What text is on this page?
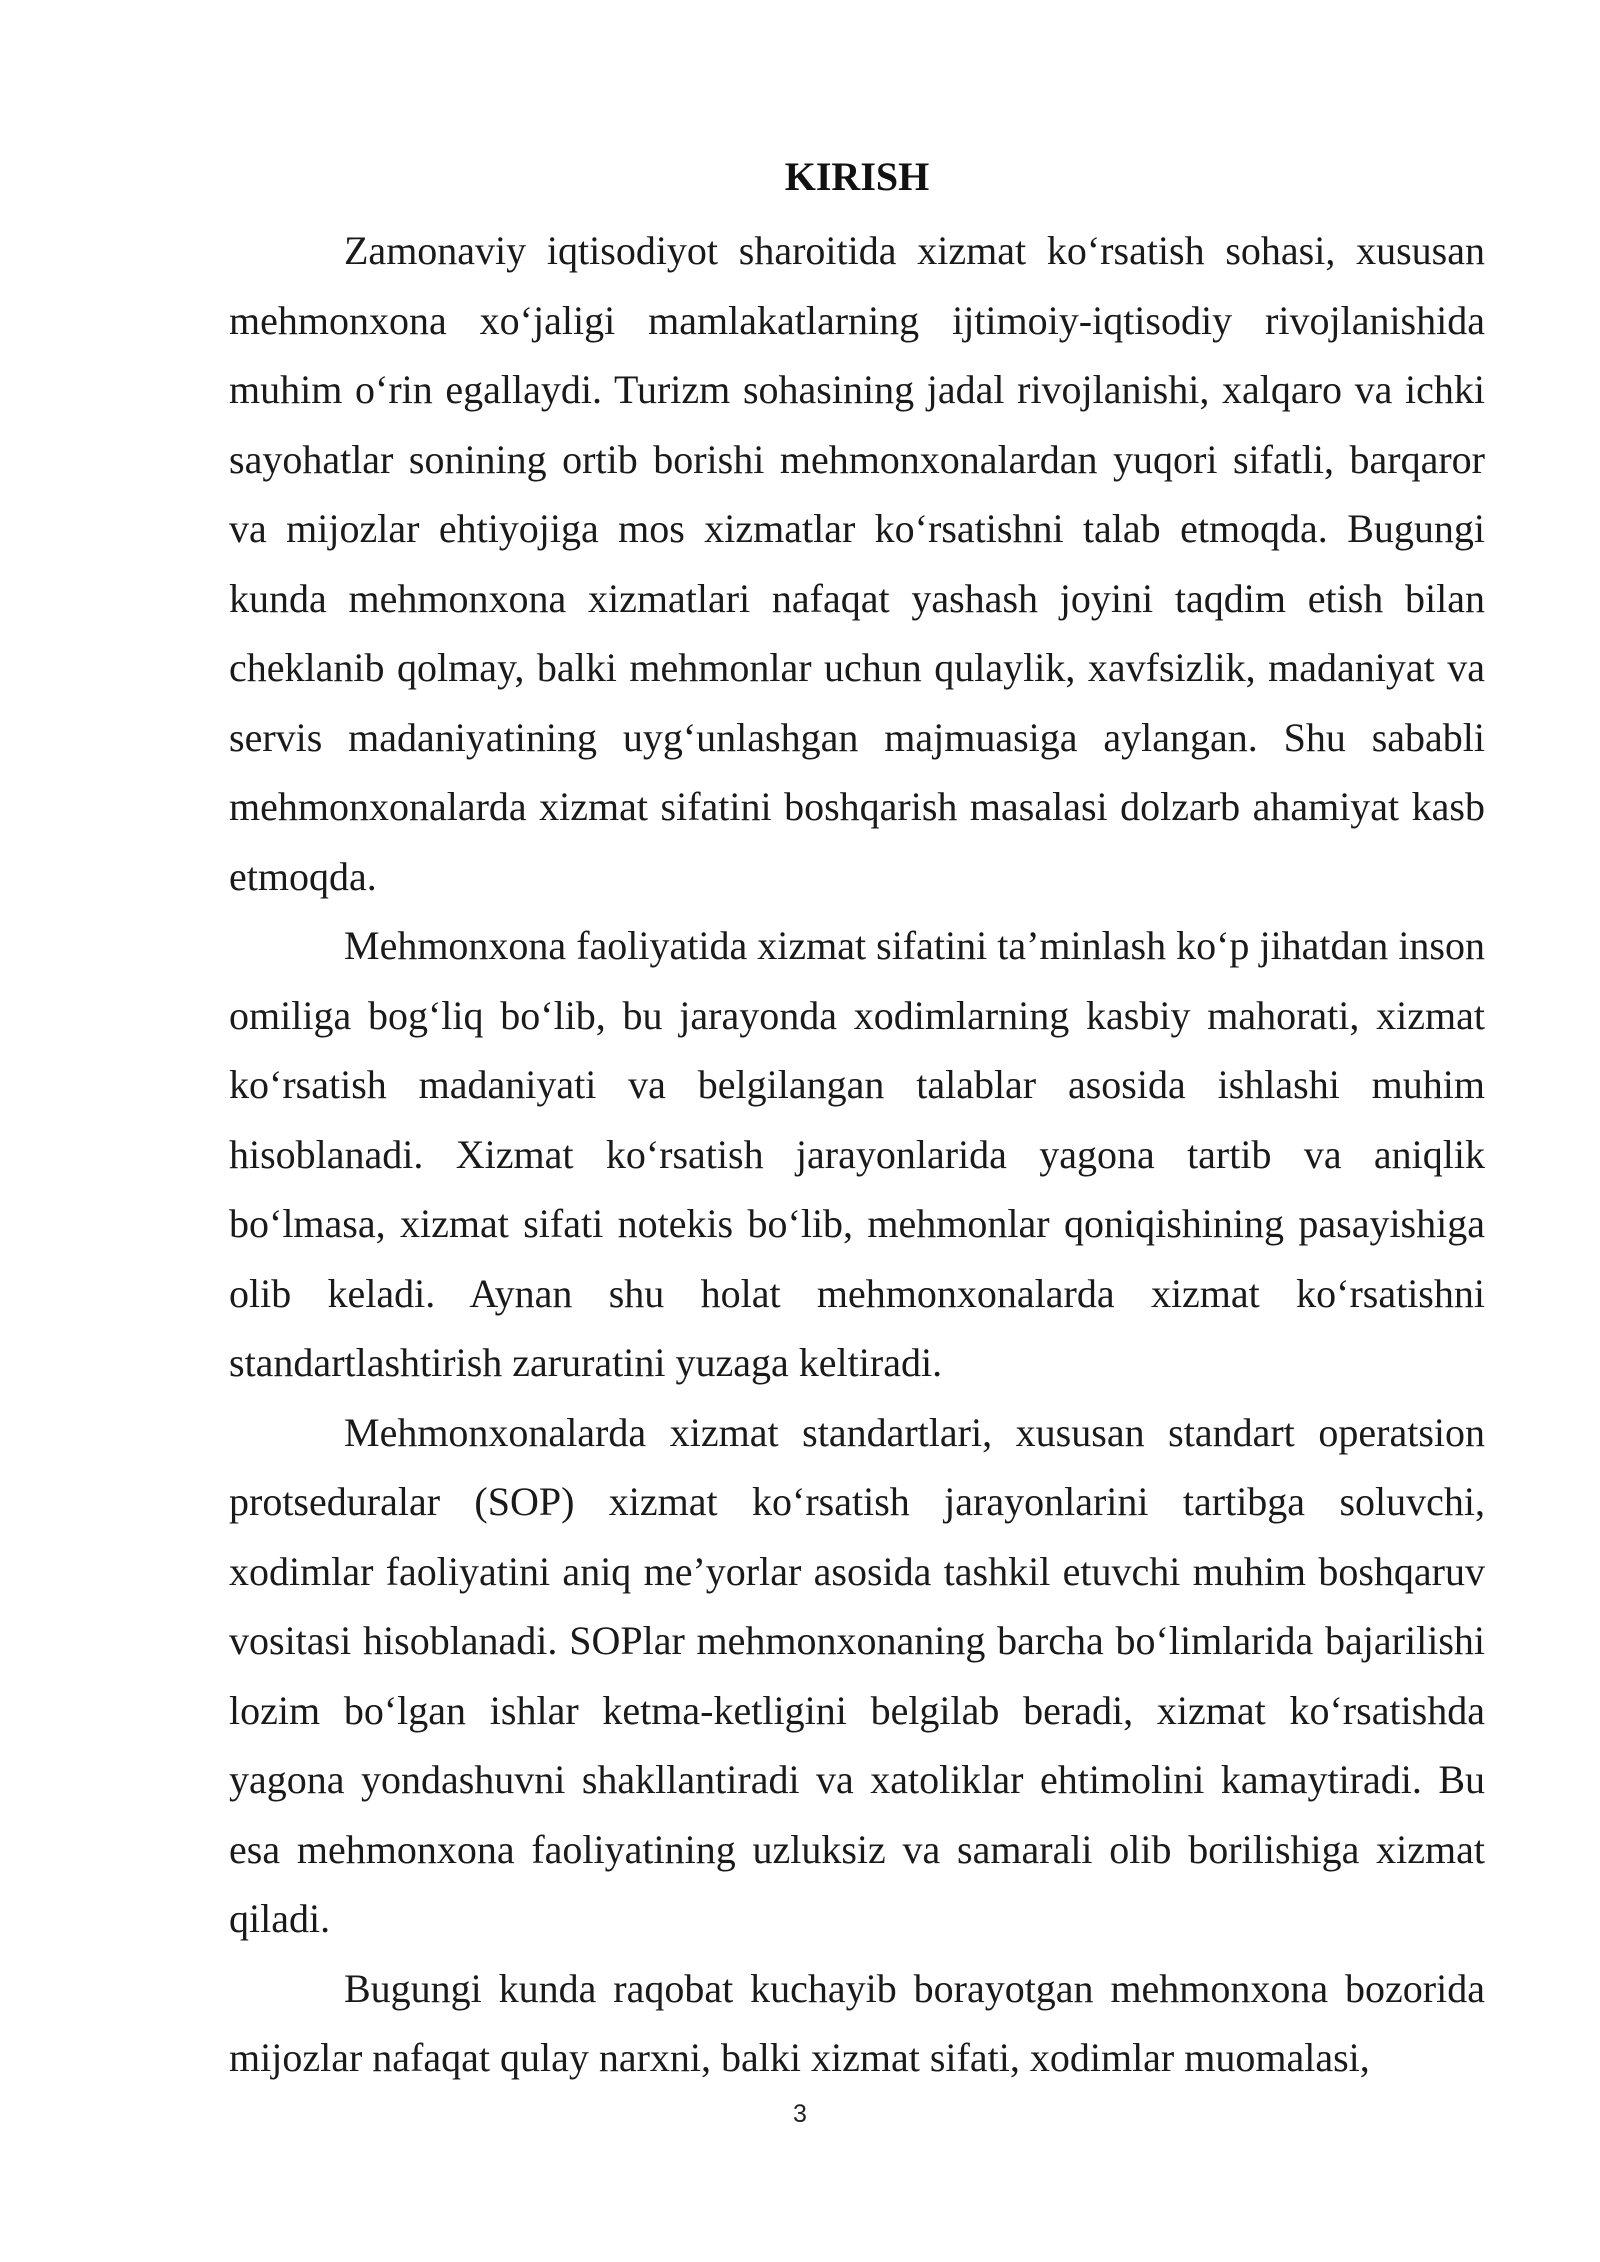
KIRISH

Zamonaviy iqtisodiyot sharoitida xizmat ko‘rsatish sohasi, xususan mehmonxona xo‘jaligi mamlakatlarning ijtimoiy-iqtisodiy rivojlanishida muhim o‘rin egallaydi. Turizm sohasining jadal rivojlanishi, xalqaro va ichki sayohatlar sonining ortib borishi mehmonxonalardan yuqori sifatli, barqaror va mijozlar ehtiyojiga mos xizmatlar ko‘rsatishni talab etmoqda. Bugungi kunda mehmonxona xizmatlari nafaqat yashash joyini taqdim etish bilan cheklanib qolmay, balki mehmonlar uchun qulaylik, xavfsizlik, madaniyat va servis madaniyatining uyg‘unlashgan majmuasiga aylangan. Shu sababli mehmonxonalarda xizmat sifatini boshqarish masalasi dolzarb ahamiyat kasb etmoqda.

Mehmonxona faoliyatida xizmat sifatini ta’minlash ko‘p jihatdan inson omiliga bog‘liq bo‘lib, bu jarayonda xodimlarning kasbiy mahorati, xizmat ko‘rsatish madaniyati va belgilangan talablar asosida ishlashi muhim hisoblanadi. Xizmat ko‘rsatish jarayonlarida yagona tartib va aniqlik bo‘lmasa, xizmat sifati notekis bo‘lib, mehmonlar qoniqishining pasayishiga olib keladi. Aynan shu holat mehmonxonalarda xizmat ko‘rsatishni standartlashtirish zaruratini yuzaga keltiradi.

Mehmonxonalarda xizmat standartlari, xususan standart operatsion protseduralar (SOP) xizmat ko‘rsatish jarayonlarini tartibga soluvchi, xodimlar faoliyatini aniq me’yorlar asosida tashkil etuvchi muhim boshqaruv vositasi hisoblanadi. SOPlar mehmonxonaning barcha bo‘limlarida bajarilishi lozim bo‘lgan ishlar ketma-ketligini belgilab beradi, xizmat ko‘rsatishda yagona yondashuvni shakllantiradi va xatoliklar ehtimolini kamaytiradi. Bu esa mehmonxona faoliyatining uzluksiz va samarali olib borilishiga xizmat qiladi.

Bugungi kunda raqobat kuchayib borayotgan mehmonxona bozorida mijozlar nafaqat qulay narxni, balki xizmat sifati, xodimlar muomalasi,

3
